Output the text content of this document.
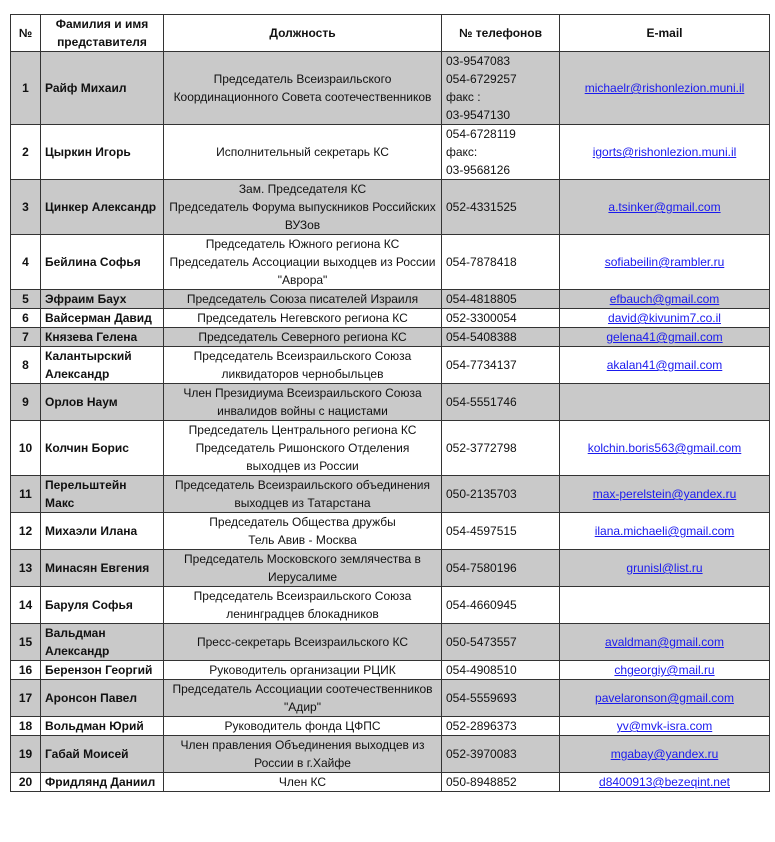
№	Фамилия и имя представителя	Должность	№ телефонов	E-mail
1	Райф Михаил	Председатель Всеизраильского Координационного Совета соотечественников	03-9547083
054-6729257
факс :
03-9547130	michaelr@rishonlezion.muni.il
2	Цыркин Игорь	Исполнительный секретарь КС	054-6728119
факс:
03-9568126	igorts@rishonlezion.muni.il
3	Цинкер Александр	Зам. Председателя КС
Председатель Форума выпускников Российских ВУЗов	052-4331525	a.tsinker@gmail.com
4	Бейлина Софья	Председатель Южного региона КС
Председатель Ассоциации выходцев из России "Аврора"	054-7878418	sofiabeilin@rambler.ru
5	Эфраим Баух	Председатель Союза писателей Израиля	054-4818805	efbauch@gmail.com
6	Вайсерман Давид	Председатель Негевского региона КС	052-3300054	david@kivunim7.co.il
7	Князева Гелена	Председатель Северного региона КС	054-5408388	gelena41@gmail.com
8	Калантырский Александр	Председатель Всеизраильского Союза ликвидаторов чернобыльцев	054-7734137	akalan41@gmail.com
9	Орлов Наум	Член Президиума Всеизраильского Союза инвалидов войны с нацистами	054-5551746	

10	Колчин Борис	Председатель Центрального региона КС
Председатель Ришонского Отделения выходцев из России	052-3772798	kolchin.boris563@gmail.com
11	Перельштейн Макс	Председатель Всеизраильского объединения выходцев из Татарстана	050-2135703	max-perelstein@yandex.ru
12	Михаэли Илана	Председатель Общества дружбы
Тель Авив - Москва	054-4597515	ilana.michaeli@gmail.com
13	Минасян Евгения	Председатель Московского землячества в Иерусалиме	054-7580196	grunisl@list.ru
14	Баруля Софья	Председатель Всеизраильского Союза ленинградцев блокадников	054-4660945	

15	Вальдман Александр	Пресс-секретарь Всеизраильского КС	050-5473557	avaldman@gmail.com
16	Берензон Георгий	Руководитель организации РЦИК	054-4908510	chgeorgiy@mail.ru
17	Аронсон Павел	Председатель Ассоциации соотечественников "Адир"	054-5559693	pavelaronson@gmail.com
18	Вольдман Юрий	Руководитель фонда ЦФПС	052-2896373	yv@mvk-isra.com
19	Габай Моисей	Член правления Объединения выходцев из России в г.Хайфе	052-3970083	mgabay@yandex.ru
20	Фридлянд Даниил	Член КС	050-8948852	d8400913@bezeqint.net
